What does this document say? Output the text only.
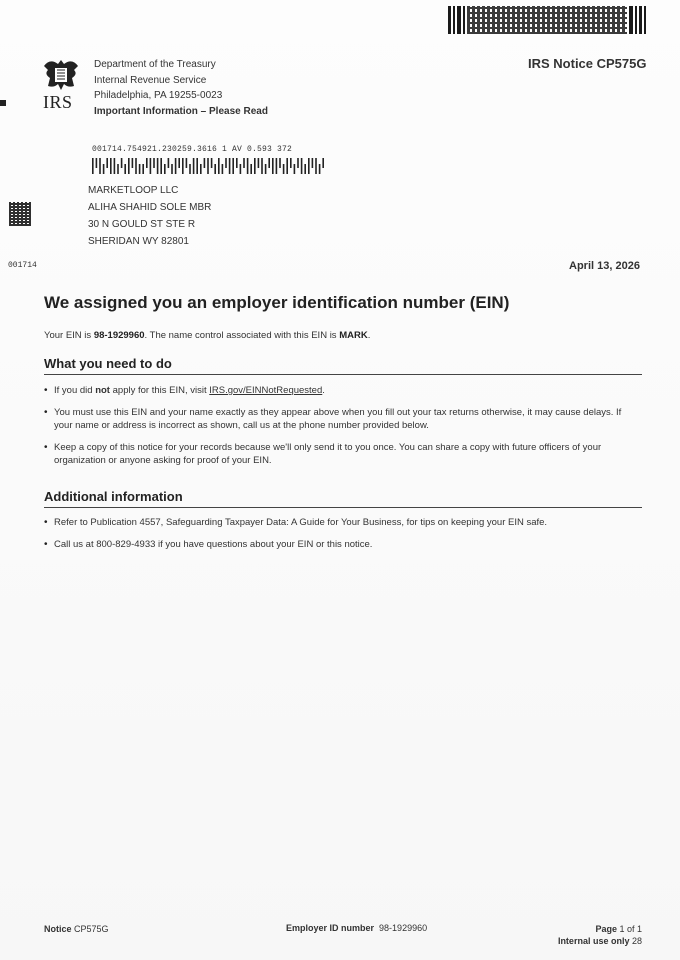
IRS Notice CP575G
IRS
Department of the Treasury
Internal Revenue Service
Philadelphia, PA 19255-0023
Important Information – Please Read
001714
001714.754921.230259.3616 1 AV 0.593 372
MARKETLOOP LLC
ALIHA SHAHID SOLE MBR
30 N GOULD ST STE R
SHERIDAN WY 82801
April 13, 2026
We assigned you an employer identification number (EIN)
Your EIN is 98-1929960. The name control associated with this EIN is MARK.
What you need to do
• If you did not apply for this EIN, visit IRS.gov/EINNotRequested.
• You must use this EIN and your name exactly as they appear above when you fill out your tax returns otherwise, it may cause delays. If your name or address is incorrect as shown, call us at the phone number provided below.
• Keep a copy of this notice for your records because we'll only send it to you once. You can share a copy with future officers of your organization or anyone asking for proof of your EIN.
Additional information
• Refer to Publication 4557, Safeguarding Taxpayer Data: A Guide for Your Business, for tips on keeping your EIN safe.
• Call us at 800-829-4933 if you have questions about your EIN or this notice.
Notice CP575G	Employer ID number 98-1929960	Page 1 of 1
Internal use only 28
